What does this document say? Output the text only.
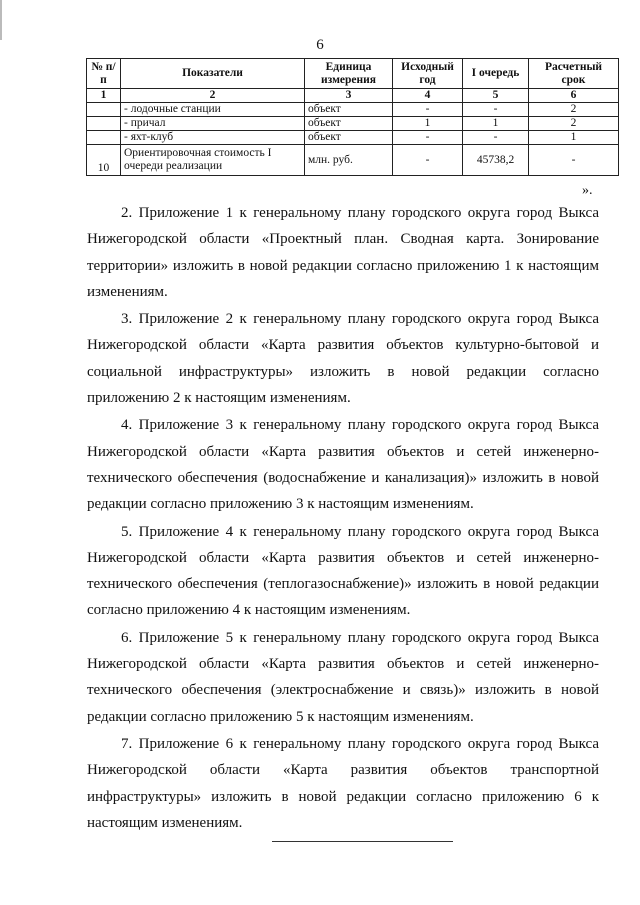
6
№ п/п	Показатели	Единица измерения	Исходный год	I очередь	Расчетный срок
1	2	3	4	5	6
	- лодочные станции	объект	-	-	2
	- причал	объект	1	1	2
	- яхт-клуб	объект	-	-	1
10	Ориентировочная стоимость I очереди реализации	млн. руб.	-	45738,2	-
».

2. Приложение 1 к генеральному плану городского округа город Выкса Нижегородской области «Проектный план. Сводная карта. Зонирование территории» изложить в новой редакции согласно приложению 1 к настоящим изменениям.

3. Приложение 2 к генеральному плану городского округа город Выкса Нижегородской области «Карта развития объектов культурно-бытовой и социальной инфраструктуры» изложить в новой редакции согласно приложению 2 к настоящим изменениям.

4. Приложение 3 к генеральному плану городского округа город Выкса Нижегородской области «Карта развития объектов и сетей инженерно-технического обеспечения (водоснабжение и канализация)» изложить в новой редакции согласно приложению 3 к настоящим изменениям.

5. Приложение 4 к генеральному плану городского округа город Выкса Нижегородской области «Карта развития объектов и сетей инженерно-технического обеспечения (теплогазоснабжение)» изложить в новой редакции согласно приложению 4 к настоящим изменениям.

6. Приложение 5 к генеральному плану городского округа город Выкса Нижегородской области «Карта развития объектов и сетей инженерно-технического обеспечения (электроснабжение и связь)» изложить в новой редакции согласно приложению 5 к настоящим изменениям.

7. Приложение 6 к генеральному плану городского округа город Выкса Нижегородской области «Карта развития объектов транспортной инфраструктуры» изложить в новой редакции согласно приложению 6 к настоящим изменениям.
